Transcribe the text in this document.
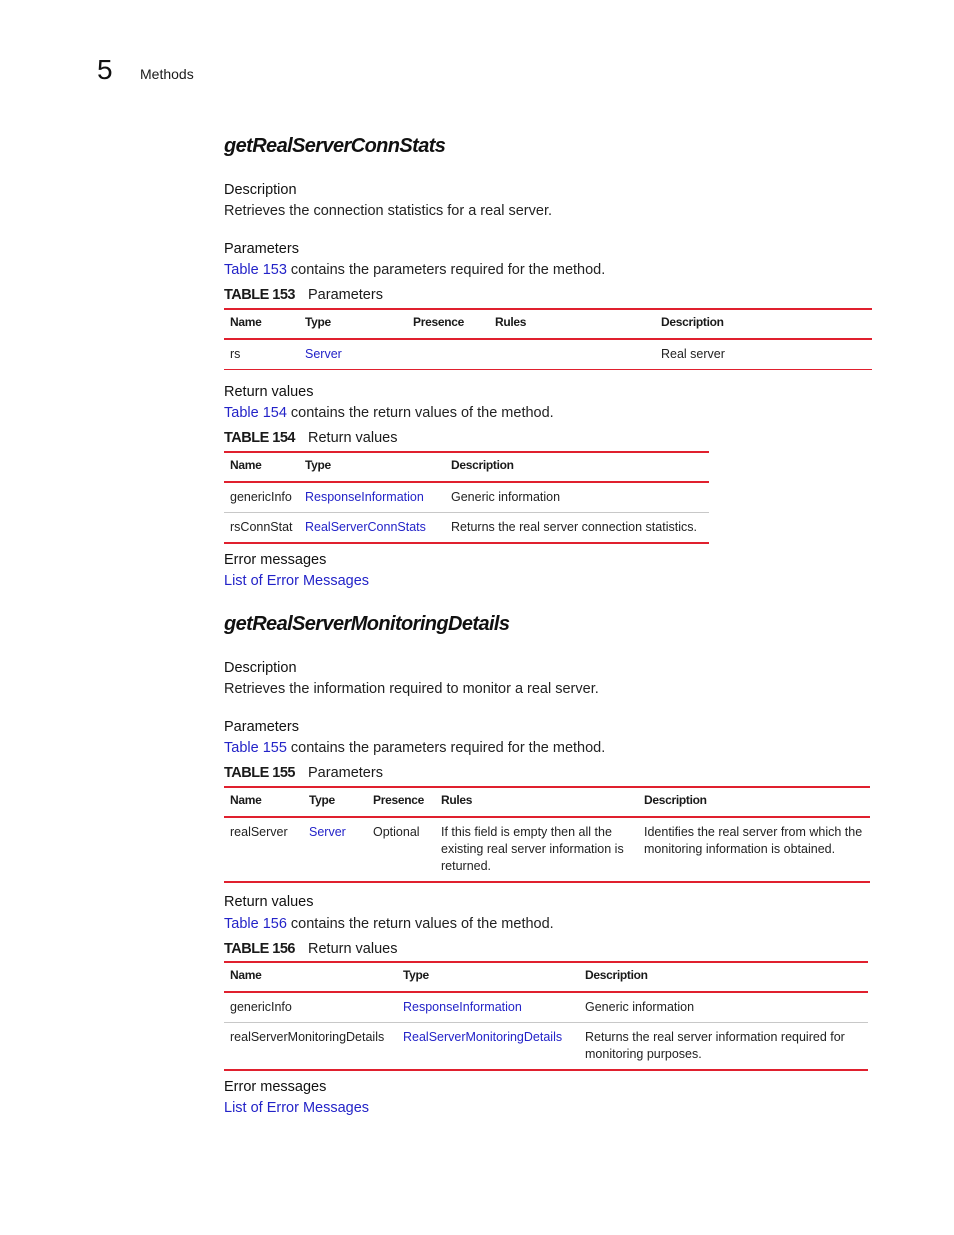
5 Methods
getRealServerConnStats
Description
Retrieves the connection statistics for a real server.
Parameters
Table 153 contains the parameters required for the method.
TABLE 153 Parameters
Name	Type	Presence	Rules	Description
rs	Server			Real server
Return values
Table 154 contains the return values of the method.
TABLE 154 Return values
Name	Type	Description
genericInfo	ResponseInformation	Generic information
rsConnStat	RealServerConnStats	Returns the real server connection statistics.
Error messages
List of Error Messages
getRealServerMonitoringDetails
Description
Retrieves the information required to monitor a real server.
Parameters
Table 155 contains the parameters required for the method.
TABLE 155 Parameters
Name	Type	Presence	Rules	Description
realServer	Server	Optional	If this field is empty then all the existing real server information is returned.	Identifies the real server from which the monitoring information is obtained.
Return values
Table 156 contains the return values of the method.
TABLE 156 Return values
Name	Type	Description
genericInfo	ResponseInformation	Generic information
realServerMonitoringDetails	RealServerMonitoringDetails	Returns the real server information required for monitoring purposes.
Error messages
List of Error Messages
